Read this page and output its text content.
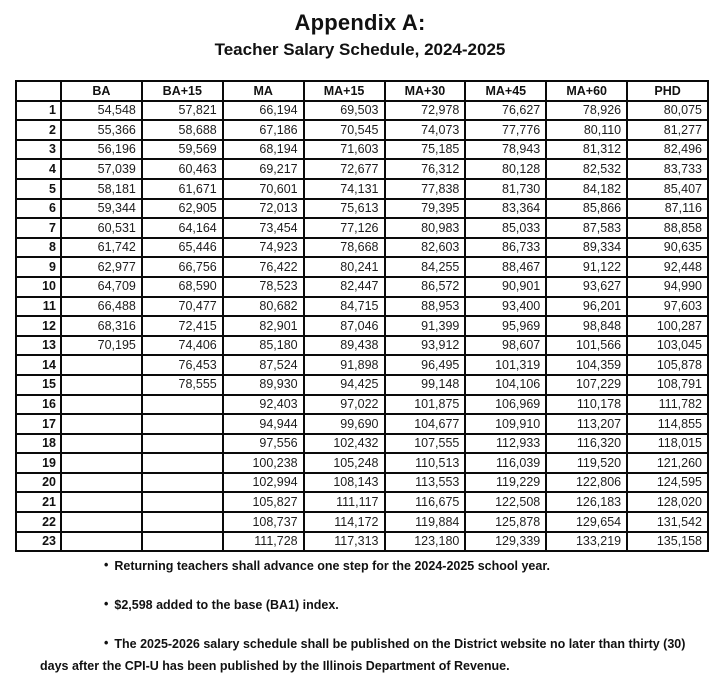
Appendix A:
Teacher Salary Schedule, 2024-2025
	BA	BA+15	MA	MA+15	MA+30	MA+45	MA+60	PHD
1	54,548	57,821	66,194	69,503	72,978	76,627	78,926	80,075
2	55,366	58,688	67,186	70,545	74,073	77,776	80,110	81,277
3	56,196	59,569	68,194	71,603	75,185	78,943	81,312	82,496
4	57,039	60,463	69,217	72,677	76,312	80,128	82,532	83,733
5	58,181	61,671	70,601	74,131	77,838	81,730	84,182	85,407
6	59,344	62,905	72,013	75,613	79,395	83,364	85,866	87,116
7	60,531	64,164	73,454	77,126	80,983	85,033	87,583	88,858
8	61,742	65,446	74,923	78,668	82,603	86,733	89,334	90,635
9	62,977	66,756	76,422	80,241	84,255	88,467	91,122	92,448
10	64,709	68,590	78,523	82,447	86,572	90,901	93,627	94,990
11	66,488	70,477	80,682	84,715	88,953	93,400	96,201	97,603
12	68,316	72,415	82,901	87,046	91,399	95,969	98,848	100,287
13	70,195	74,406	85,180	89,438	93,912	98,607	101,566	103,045
14		76,453	87,524	91,898	96,495	101,319	104,359	105,878
15		78,555	89,930	94,425	99,148	104,106	107,229	108,791
16			92,403	97,022	101,875	106,969	110,178	111,782
17			94,944	99,690	104,677	109,910	113,207	114,855
18			97,556	102,432	107,555	112,933	116,320	118,015
19			100,238	105,248	110,513	116,039	119,520	121,260
20			102,994	108,143	113,553	119,229	122,806	124,595
21			105,827	111,117	116,675	122,508	126,183	128,020
22			108,737	114,172	119,884	125,878	129,654	131,542
23			111,728	117,313	123,180	129,339	133,219	135,158
• Returning teachers shall advance one step for the 2024-2025 school year.
• $2,598 added to the base (BA1) index.
• The 2025-2026 salary schedule shall be published on the District website no later than thirty (30) days after the CPI-U has been published by the Illinois Department of Revenue.
